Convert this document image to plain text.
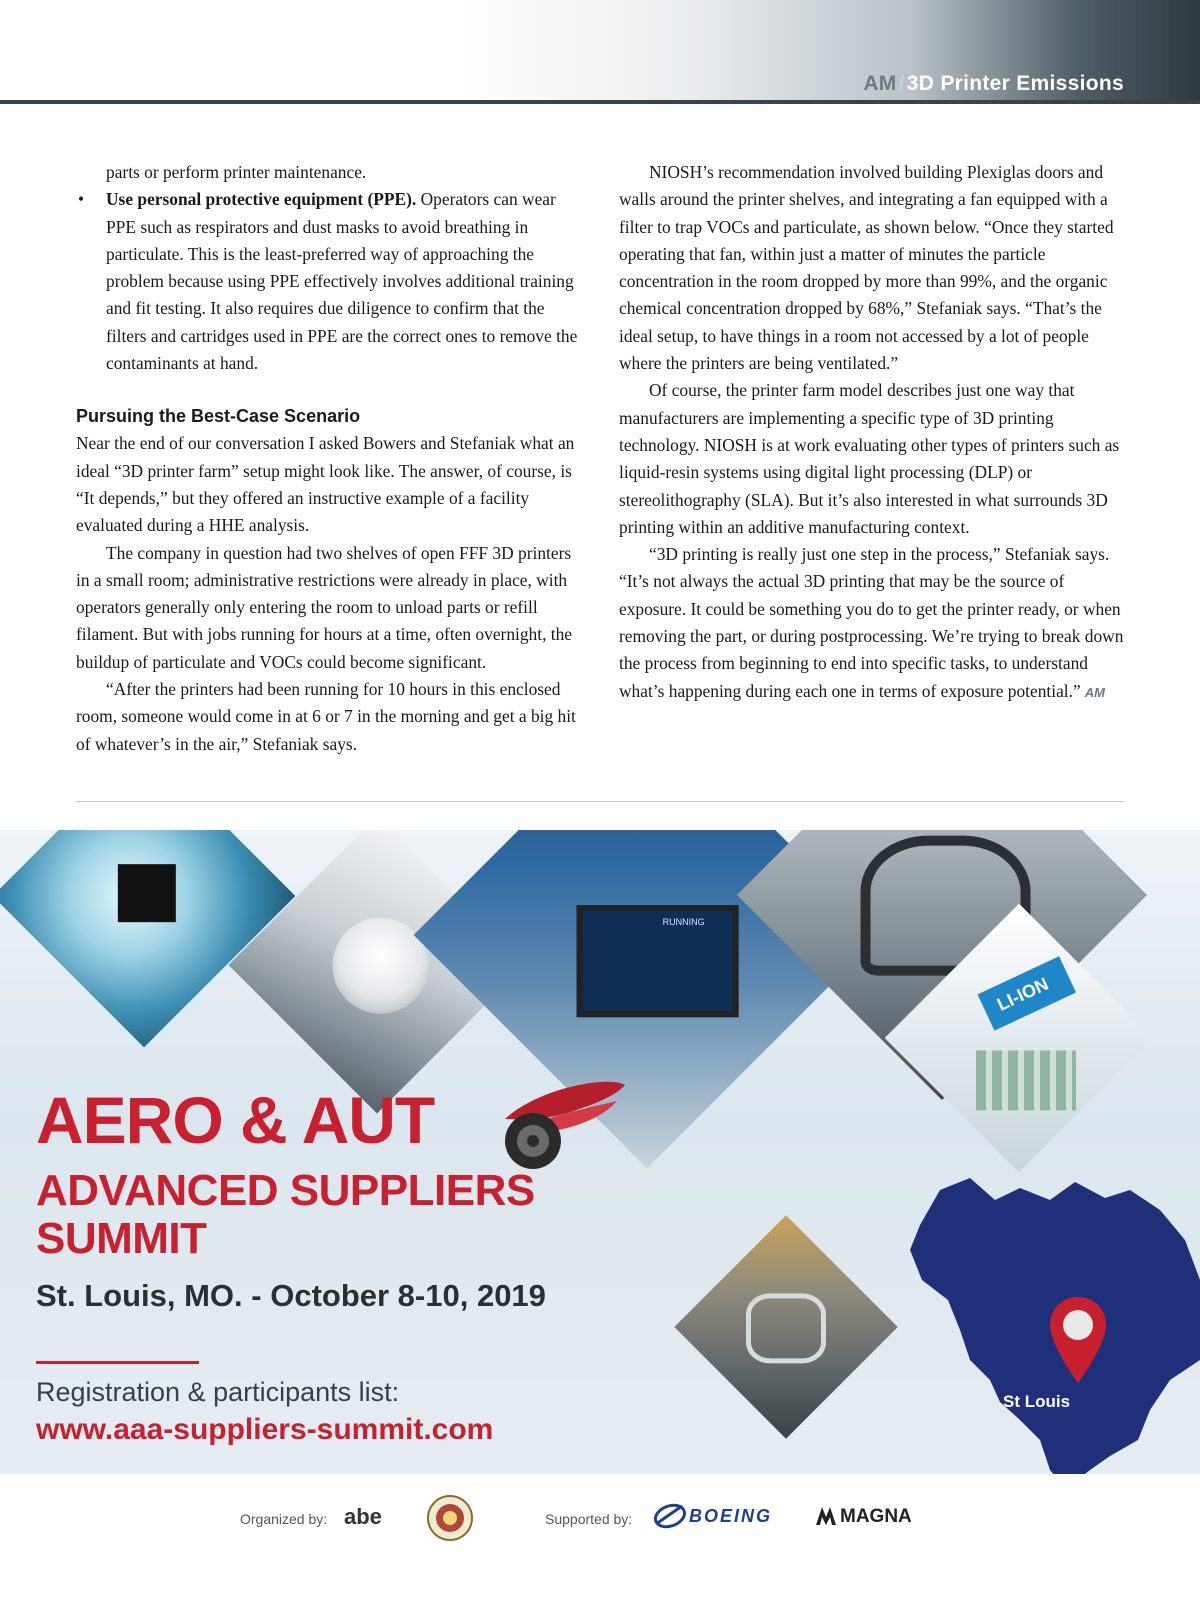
AM/3D Printer Emissions

parts or perform printer maintenance.

• Use personal protective equipment (PPE). Operators can wear PPE such as respirators and dust masks to avoid breathing in particulate. This is the least-preferred way of approaching the problem because using PPE effectively involves additional training and fit testing. It also requires due diligence to confirm that the filters and cartridges used in PPE are the correct ones to remove the contaminants at hand.

Pursuing the Best-Case Scenario

Near the end of our conversation I asked Bowers and Stefaniak what an ideal “3D printer farm” setup might look like. The answer, of course, is “It depends,” but they offered an instructive example of a facility evaluated during a HHE analysis.

The company in question had two shelves of open FFF 3D printers in a small room; administrative restrictions were already in place, with operators generally only entering the room to unload parts or refill filament. But with jobs running for hours at a time, often overnight, the buildup of particulate and VOCs could become significant.

“After the printers had been running for 10 hours in this enclosed room, someone would come in at 6 or 7 in the morning and get a big hit of whatever’s in the air,” Stefaniak says.

NIOSH’s recommendation involved building Plexiglas doors and walls around the printer shelves, and integrating a fan equipped with a filter to trap VOCs and particulate, as shown below. “Once they started operating that fan, within just a matter of minutes the particle concentration in the room dropped by more than 99%, and the organic chemical concentration dropped by 68%,” Stefaniak says. “That’s the ideal setup, to have things in a room not accessed by a lot of people where the printers are being ventilated.”

Of course, the printer farm model describes just one way that manufacturers are implementing a specific type of 3D printing technology. NIOSH is at work evaluating other types of printers such as liquid-resin systems using digital light processing (DLP) or stereolithography (SLA). But it’s also interested in what surrounds 3D printing within an additive manufacturing context.

“3D printing is really just one step in the process,” Stefaniak says. “It’s not always the actual 3D printing that may be the source of exposure. It could be something you do to get the printer ready, or when removing the part, or during postprocessing. We’re trying to break down the process from beginning to end into specific tasks, to understand what’s happening during each one in terms of exposure potential.” AM

RUNNING
LI-ION
AERO & AUT
ADVANCED SUPPLIERS
SUMMIT
St. Louis, MO. - October 8-10, 2019
Registration & participants list:
www.aaa-suppliers-summit.com
St Louis
Organized by: abe	Supported by:	BOEING	MAGNA
